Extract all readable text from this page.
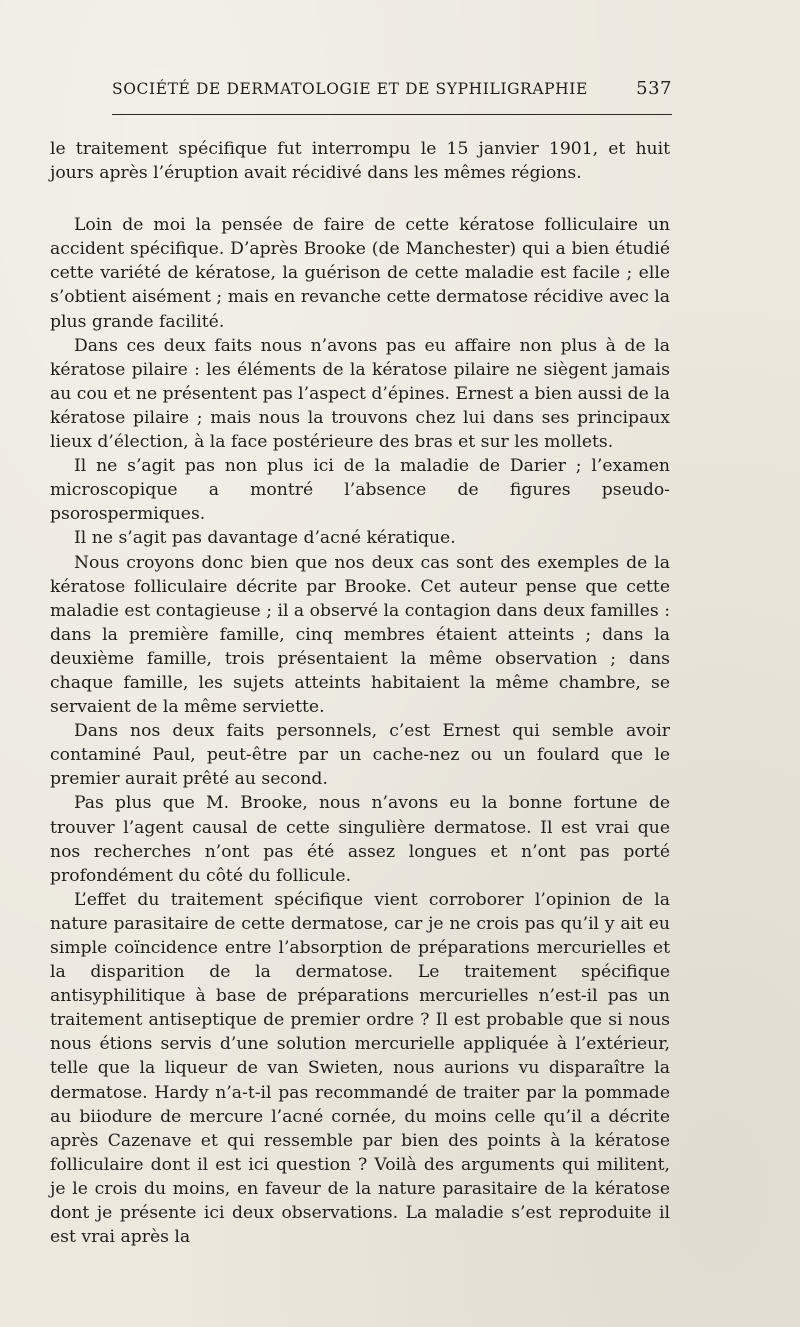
SOCIÉTÉ DE DERMATOLOGIE ET DE SYPHILIGRAPHIE	537

le traitement spécifique fut interrompu le 15 janvier 1901, et huit jours après l’éruption avait récidivé dans les mêmes régions.

Loin de moi la pensée de faire de cette kératose folliculaire un accident spécifique. D’après Brooke (de Manchester) qui a bien étudié cette variété de kératose, la guérison de cette maladie est facile ; elle s’obtient aisément ; mais en revanche cette dermatose récidive avec la plus grande facilité.

Dans ces deux faits nous n’avons pas eu affaire non plus à de la kératose pilaire : les éléments de la kératose pilaire ne siègent jamais au cou et ne présentent pas l’aspect d’épines. Ernest a bien aussi de la kératose pilaire ; mais nous la trouvons chez lui dans ses principaux lieux d’élection, à la face postérieure des bras et sur les mollets.

Il ne s’agit pas non plus ici de la maladie de Darier ; l’examen microscopique a montré l’absence de figures pseudo-psorospermiques.

Il ne s’agit pas davantage d’acné kératique.

Nous croyons donc bien que nos deux cas sont des exemples de la kératose folliculaire décrite par Brooke. Cet auteur pense que cette maladie est contagieuse ; il a observé la contagion dans deux familles : dans la première famille, cinq membres étaient atteints ; dans la deuxième famille, trois présentaient la même observation ; dans chaque famille, les sujets atteints habitaient la même chambre, se servaient de la même serviette.

Dans nos deux faits personnels, c’est Ernest qui semble avoir contaminé Paul, peut-être par un cache-nez ou un foulard que le premier aurait prêté au second.

Pas plus que M. Brooke, nous n’avons eu la bonne fortune de trouver l’agent causal de cette singulière dermatose. Il est vrai que nos recherches n’ont pas été assez longues et n’ont pas porté profondément du côté du follicule.

L’effet du traitement spécifique vient corroborer l’opinion de la nature parasitaire de cette dermatose, car je ne crois pas qu’il y ait eu simple coïncidence entre l’absorption de préparations mercurielles et la disparition de la dermatose. Le traitement spécifique antisyphilitique à base de préparations mercurielles n’est-il pas un traitement antiseptique de premier ordre ? Il est probable que si nous nous étions servis d’une solution mercurielle appliquée à l’extérieur, telle que la liqueur de van Swieten, nous aurions vu disparaître la dermatose. Hardy n’a-t-il pas recommandé de traiter par la pommade au biiodure de mercure l’acné cornée, du moins celle qu’il a décrite après Cazenave et qui ressemble par bien des points à la kératose folliculaire dont il est ici question ? Voilà des arguments qui militent, je le crois du moins, en faveur de la nature parasitaire de la kératose dont je présente ici deux observations. La maladie s’est reproduite il est vrai après la
